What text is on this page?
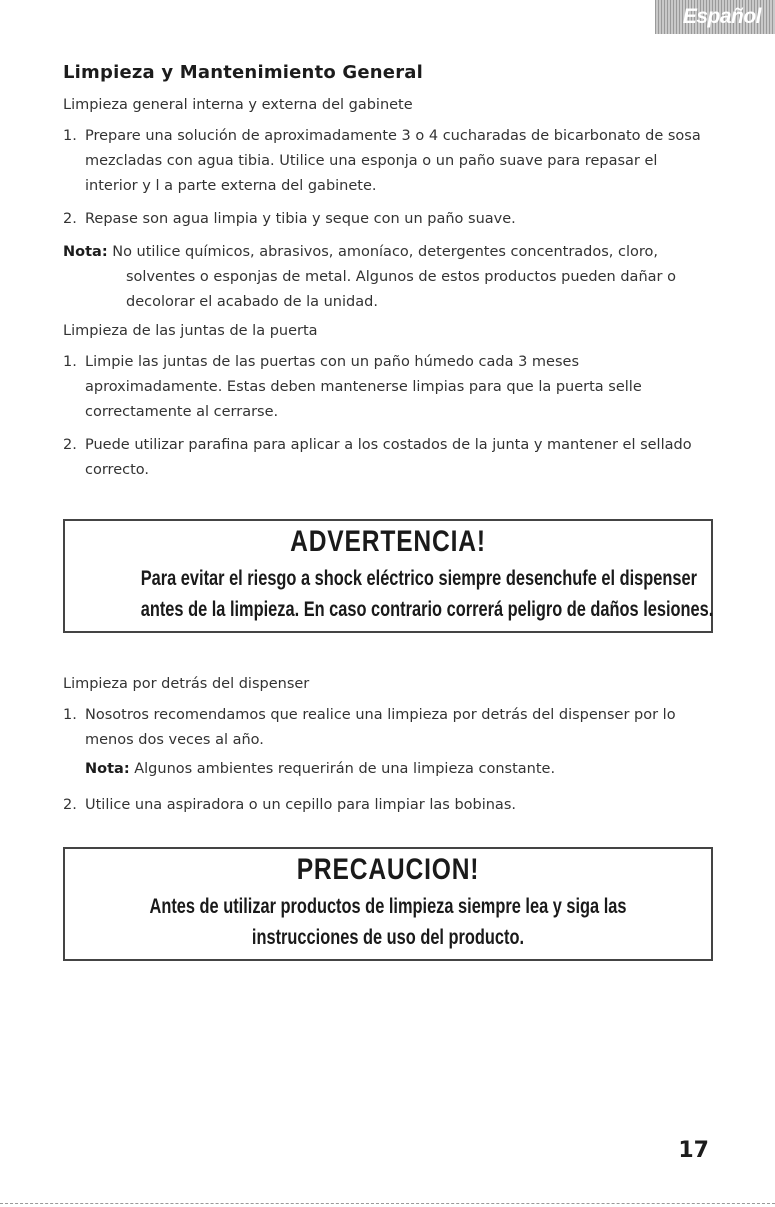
Español
Limpieza y Mantenimiento General

Limpieza general interna y externa del gabinete

1. Prepare una solución de aproximadamente 3 o 4 cucharadas de bicarbonato de sosa mezcladas con agua tibia. Utilice una esponja o un paño suave para repasar el interior y l a parte externa del gabinete.
2. Repase son agua limpia y tibia y seque con un paño suave.
Nota: No utilice químicos, abrasivos, amoníaco, detergentes concentrados, cloro, solventes o esponjas de metal. Algunos de estos productos pueden dañar o decolorar el acabado de la unidad.

Limpieza de las juntas de la puerta

1. Limpie las juntas de las puertas con un paño húmedo cada 3 meses aproximadamente. Estas deben mantenerse limpias para que la puerta selle correctamente al cerrarse.
2. Puede utilizar parafina para aplicar a los costados de la junta y mantener el sellado correcto.
ADVERTENCIA!
Para evitar el riesgo a shock eléctrico siempre desenchufe el dispenser
antes de la limpieza. En caso contrario correrá peligro de daños lesiones.

Limpieza por detrás del dispenser

1. Nosotros recomendamos que realice una limpieza por detrás del dispenser por lo menos dos veces al año.
Nota: Algunos ambientes requerirán de una limpieza constante.
2. Utilice una aspiradora o un cepillo para limpiar las bobinas.
PRECAUCION!
Antes de utilizar productos de limpieza siempre lea y siga las
instrucciones de uso del producto.
17
